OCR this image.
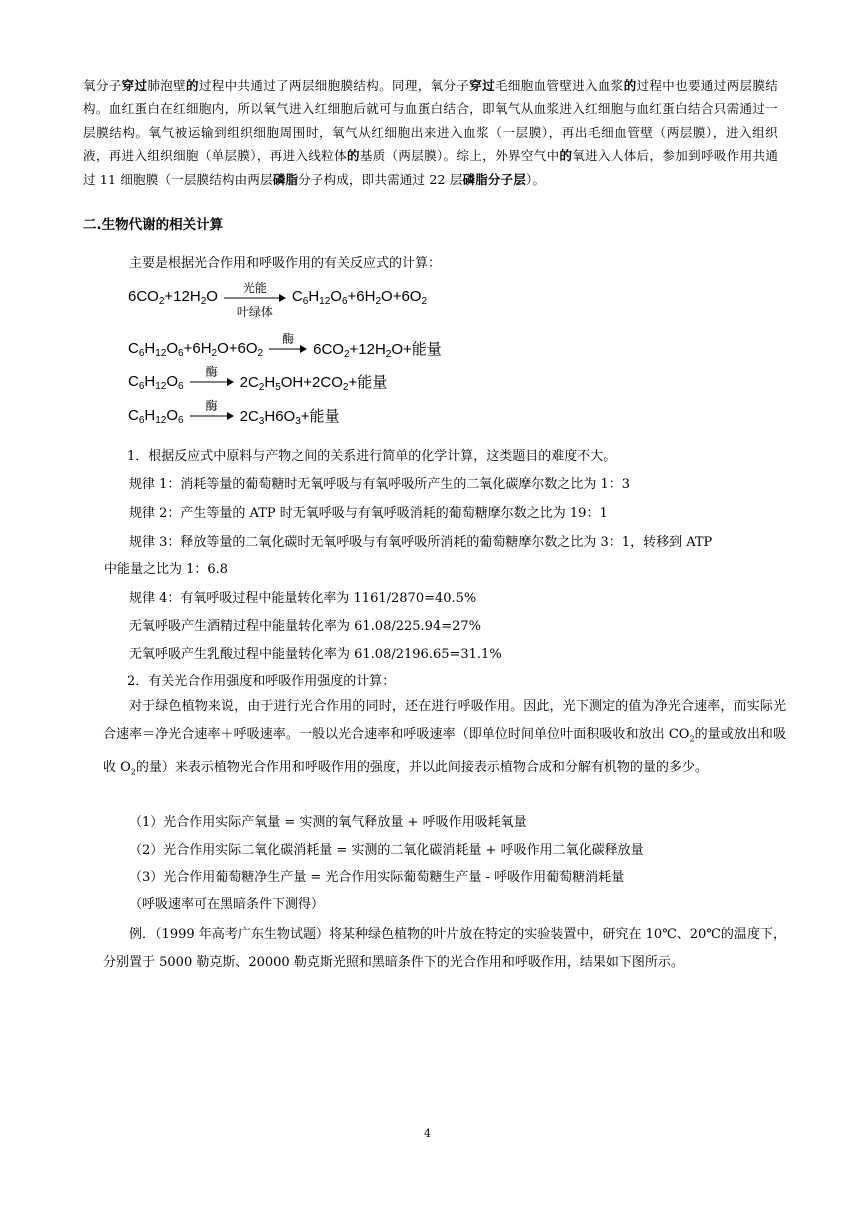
氧分子穿过肺泡壁的过程中共通过了两层细胞膜结构。同理，氧分子穿过毛细胞血管壁进入血浆的过程中也要通过两层膜结构。血红蛋白在红细胞内，所以氧气进入红细胞后就可与血蛋白结合，即氧气从血浆进入红细胞与血红蛋白结合只需通过一层膜结构。氧气被运输到组织细胞周围时，氧气从红细胞出来进入血浆（一层膜），再出毛细血管壁（两层膜），进入组织液，再进入组织细胞（单层膜），再进入线粒体的基质（两层膜）。综上，外界空气中的氧进入人体后，参加到呼吸作用共通过 11 细胞膜（一层膜结构由两层磷脂分子构成，即共需通过 22 层磷脂分子层）。
二.生物代谢的相关计算
主要是根据光合作用和呼吸作用的有关反应式的计算：
$6CO_2+12H_2O$
光能
叶绿体
$C_6H_{12}O_6+6H_2O+6O_2$
$C_6H_{12}O_6+6H_2O+6O_2$
酶
$6CO_2+12H_2O+$能量
$C_6H_{12}O_6$
酶
$2C_2H_5OH+2CO_2+$能量
$C_6H_{12}O_6$
酶
$2C_3H6O_3+$能量
1．根据反应式中原料与产物之间的关系进行简单的化学计算，这类题目的难度不大。
规律 1：消耗等量的葡萄糖时无氧呼吸与有氧呼吸所产生的二氧化碳摩尔数之比为 1：3
规律 2：产生等量的 ATP 时无氧呼吸与有氧呼吸消耗的葡萄糖摩尔数之比为 19：1
规律 3：释放等量的二氧化碳时无氧呼吸与有氧呼吸所消耗的葡萄糖摩尔数之比为 3：1，转移到 ATP
中能量之比为 1：6.8
规律 4：有氧呼吸过程中能量转化率为 1161/2870=40.5%
无氧呼吸产生酒精过程中能量转化率为 61.08/225.94=27%
无氧呼吸产生乳酸过程中能量转化率为 61.08/2196.65=31.1%
2．有关光合作用强度和呼吸作用强度的计算：
对于绿色植物来说，由于进行光合作用的同时，还在进行呼吸作用。因此，光下测定的值为净光合速率，而实际光合速率＝净光合速率＋呼吸速率。一般以光合速率和呼吸速率（即单位时间单位叶面积吸收和放出 $CO_2$的量或放出和吸收 $O_2$的量）来表示植物光合作用和呼吸作用的强度，并以此间接表示植物合成和分解有机物的量的多少。
（1）光合作用实际产氧量 = 实测的氧气释放量 + 呼吸作用吸耗氧量
（2）光合作用实际二氧化碳消耗量 = 实测的二氧化碳消耗量 + 呼吸作用二氧化碳释放量
（3）光合作用葡萄糖净生产量 = 光合作用实际葡萄糖生产量 - 呼吸作用葡萄糖消耗量
（呼吸速率可在黑暗条件下测得）
例．（1999 年高考广东生物试题）将某种绿色植物的叶片放在特定的实验装置中，研究在 10℃、20℃的温度下，分别置于 5000 勒克斯、20000 勒克斯光照和黑暗条件下的光合作用和呼吸作用，结果如下图所示。
4
